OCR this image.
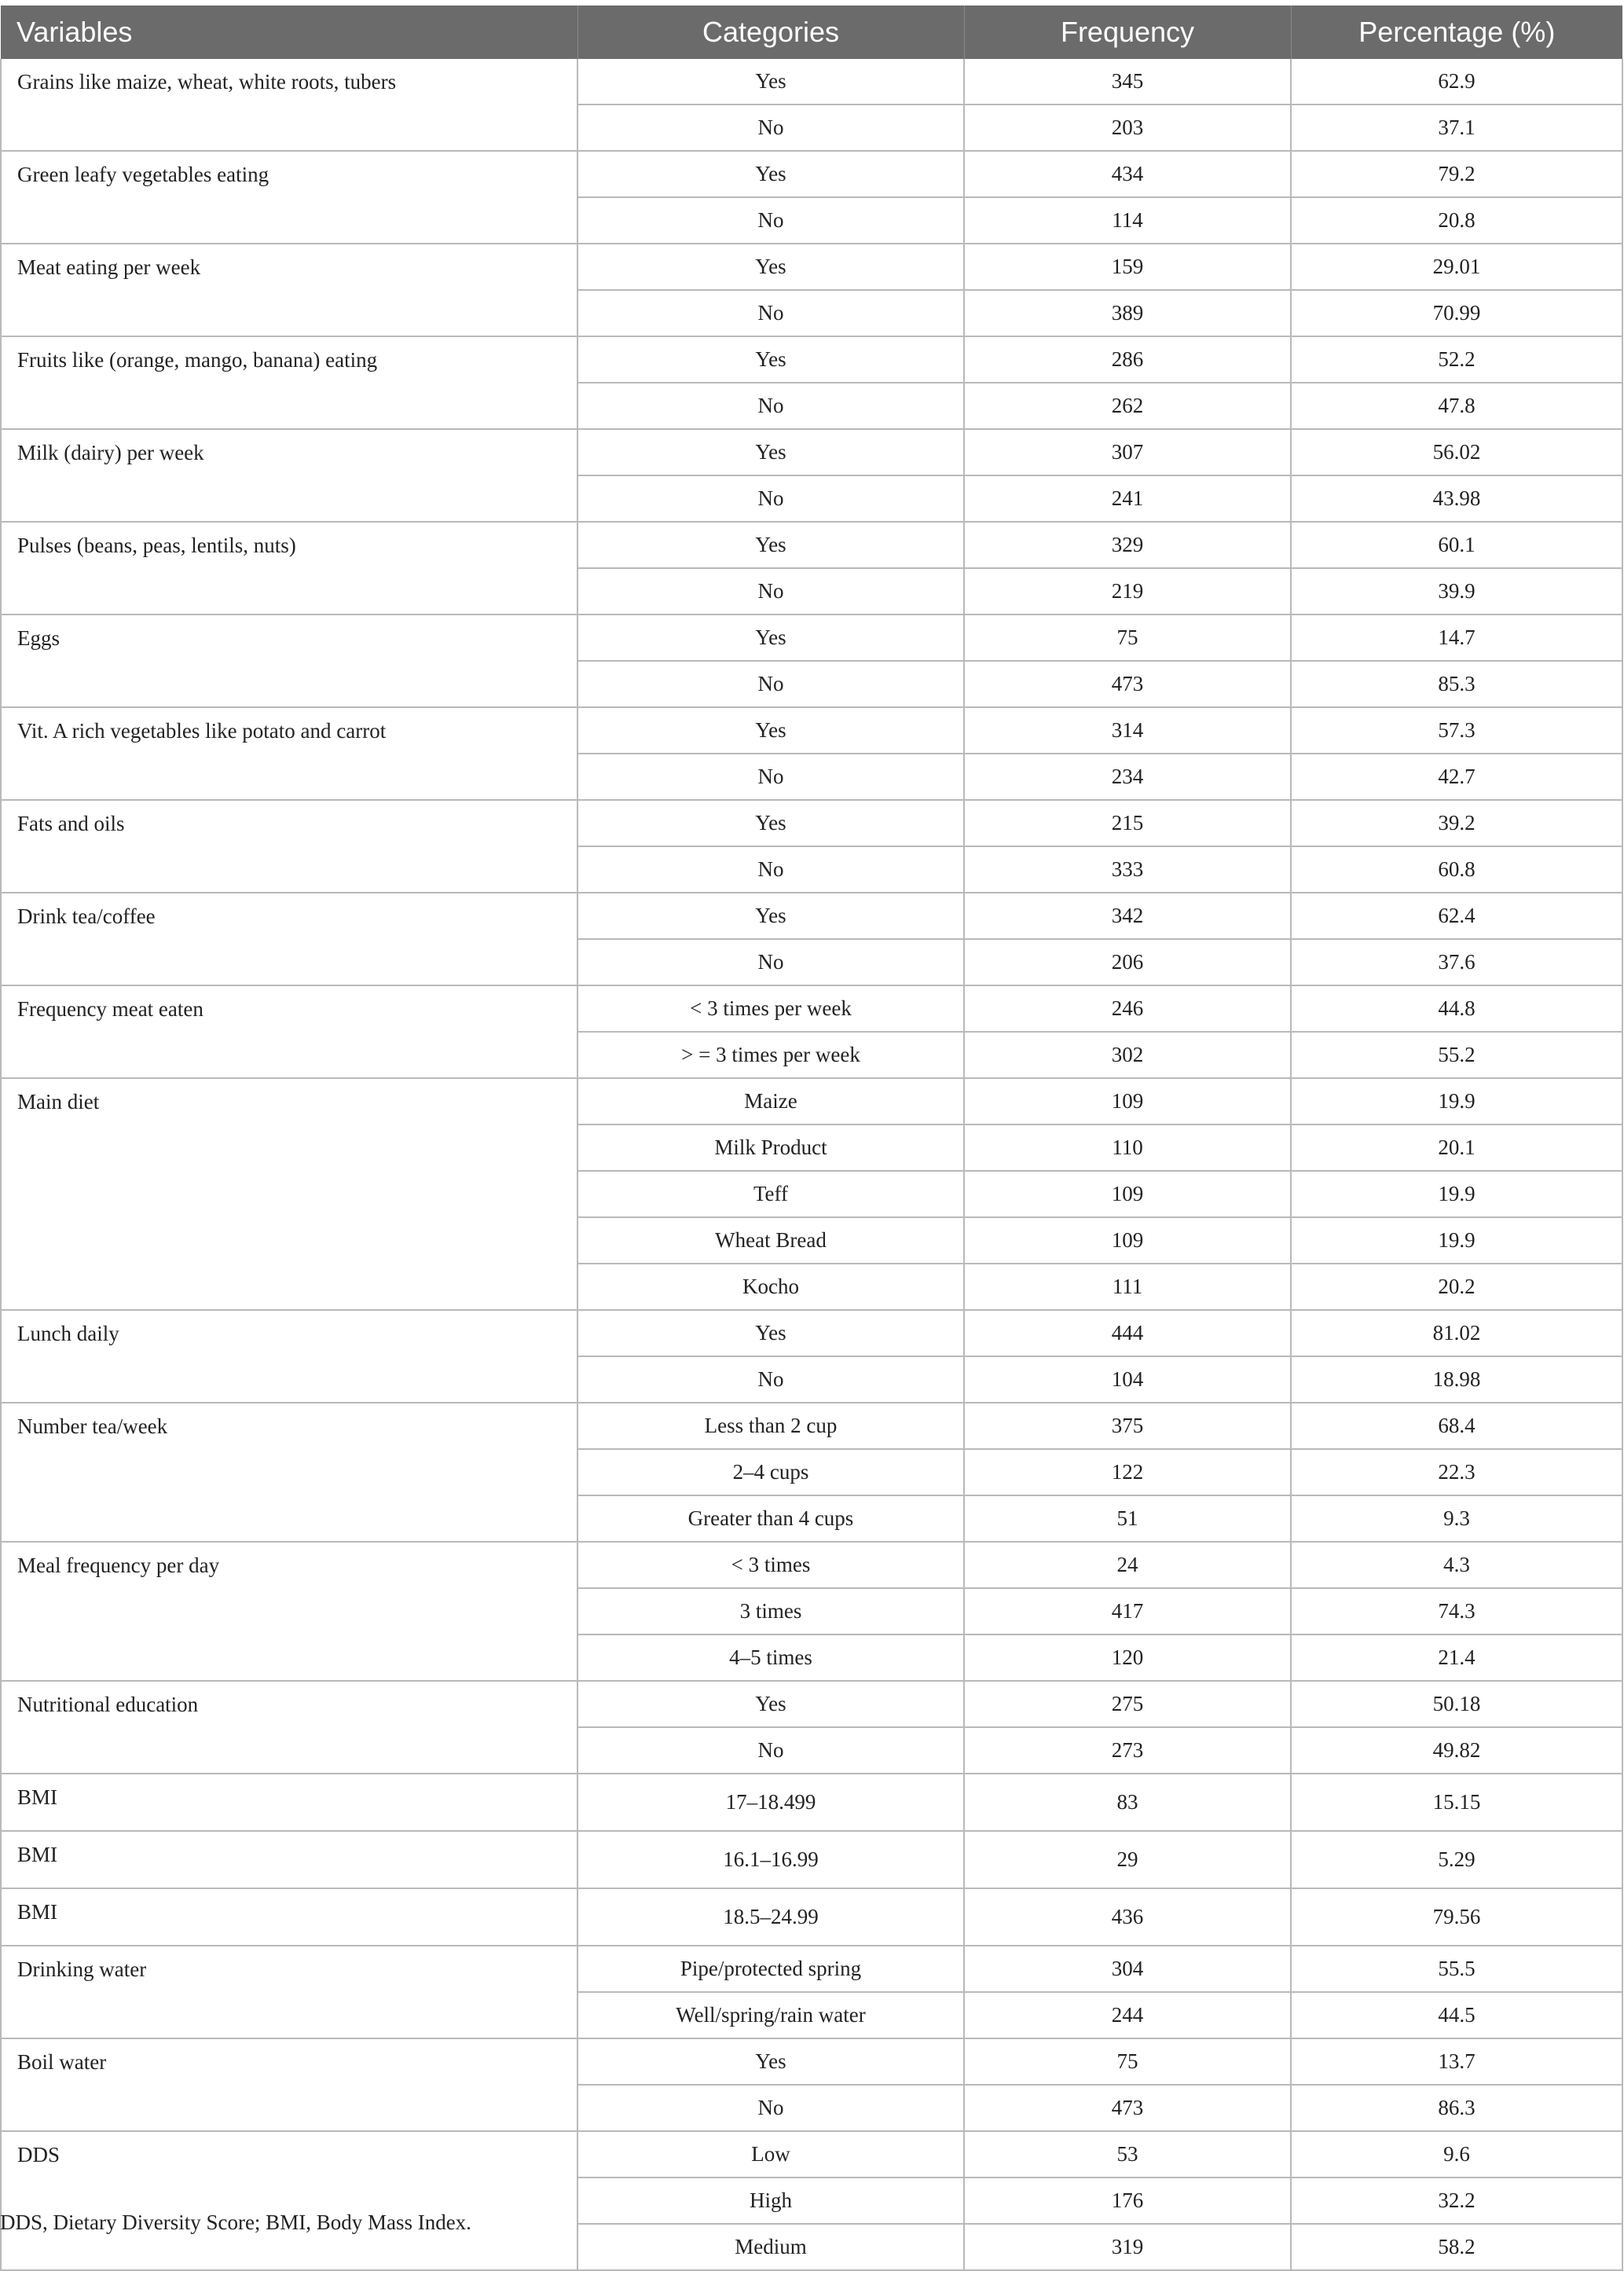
Variables	Categories	Frequency	Percentage (%)
Grains like maize, wheat, white roots, tubers	Yes	345	62.9
	No	203	37.1
Green leafy vegetables eating	Yes	434	79.2
	No	114	20.8
Meat eating per week	Yes	159	29.01
	No	389	70.99
Fruits like (orange, mango, banana) eating	Yes	286	52.2
	No	262	47.8
Milk (dairy) per week	Yes	307	56.02
	No	241	43.98
Pulses (beans, peas, lentils, nuts)	Yes	329	60.1
	No	219	39.9
Eggs	Yes	75	14.7
	No	473	85.3
Vit. A rich vegetables like potato and carrot	Yes	314	57.3
	No	234	42.7
Fats and oils	Yes	215	39.2
	No	333	60.8
Drink tea/coffee	Yes	342	62.4
	No	206	37.6
Frequency meat eaten	< 3 times per week	246	44.8
	> = 3 times per week	302	55.2
Main diet	Maize	109	19.9
	Milk Product	110	20.1
	Teff	109	19.9
	Wheat Bread	109	19.9
	Kocho	111	20.2
Lunch daily	Yes	444	81.02
	No	104	18.98
Number tea/week	Less than 2 cup	375	68.4
	2–4 cups	122	22.3
	Greater than 4 cups	51	9.3
Meal frequency per day	< 3 times	24	4.3
	3 times	417	74.3
	4–5 times	120	21.4
Nutritional education	Yes	275	50.18
	No	273	49.82
BMI	17–18.499	83	15.15
BMI	16.1–16.99	29	5.29
BMI	18.5–24.99	436	79.56
Drinking water	Pipe/protected spring	304	55.5
	Well/spring/rain water	244	44.5
Boil water	Yes	75	13.7
	No	473	86.3
DDS	Low	53	9.6
	High	176	32.2
	Medium	319	58.2
DDS, Dietary Diversity Score; BMI, Body Mass Index.
